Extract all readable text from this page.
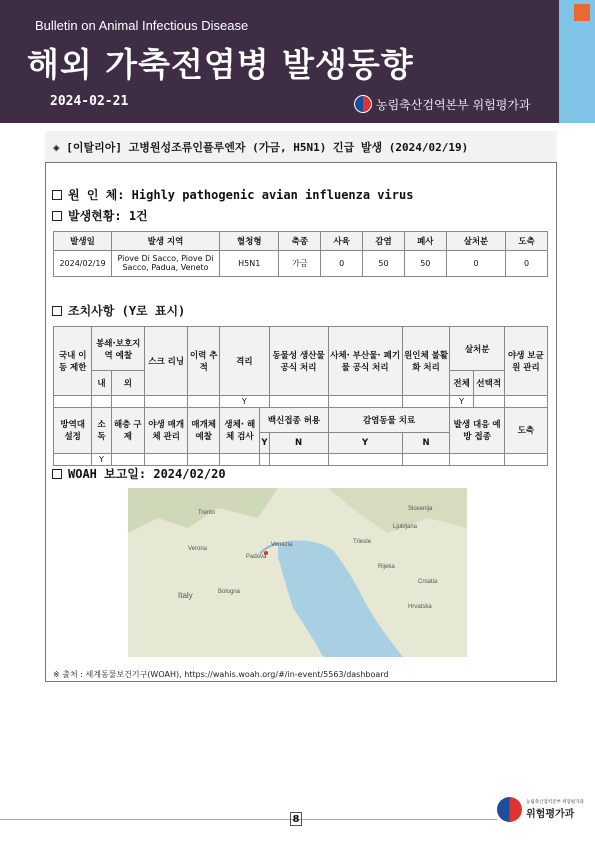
Bulletin on Animal Infectious Disease
해외 가축전염병 발생동향
2024-02-21	농림축산검역본부 위험평가과
◈ [이탈리아] 고병원성조류인플루엔자 (가금, H5N1) 긴급 발생 (2024/02/19)
원 인 체: Highly pathogenic avian influenza virus
발생현황: 1건
발생일	발생 지역	혈청형	축종	사육	감염	폐사	살처분	도축
2024/02/19	Piove Di Sacco, Piove Di Sacco, Padua, Veneto	H5N1	가금	0	50	50	0	0
조치사항 (Y로 표시)
국내 이동 제한	봉쇄·보호지역 예찰		스크 리닝	이력 추적	격리		동물성 생산물 공식 처리	사체· 부산물· 폐기물 공식 처리	원인체 불활화 처리	살처분		야생 보균원 관리
	내	외								전체	선택적	
					Y					Y		
방역대 설정	소독	해충 구제	야생 매개체 관리	매개체 예찰	생체· 해체 검사	백신접종 허용		감염동물 치료		발생 대응 예방 접종		도축
						Y	N	Y	N			
	Y											
WOAH 보고일: 2024/02/20
Trento
Venezia
Padova
Trieste
Slovenija
Verona
Bologna
Italy
Ljubljana
Croatia
Rijeka
Hrvatska
※ 출처 : 세계동물보건기구(WOAH), https://wahis.woah.org/#/in-event/5563/dashboard
8
농림축산검역본부 위험평가과
위험평가과
